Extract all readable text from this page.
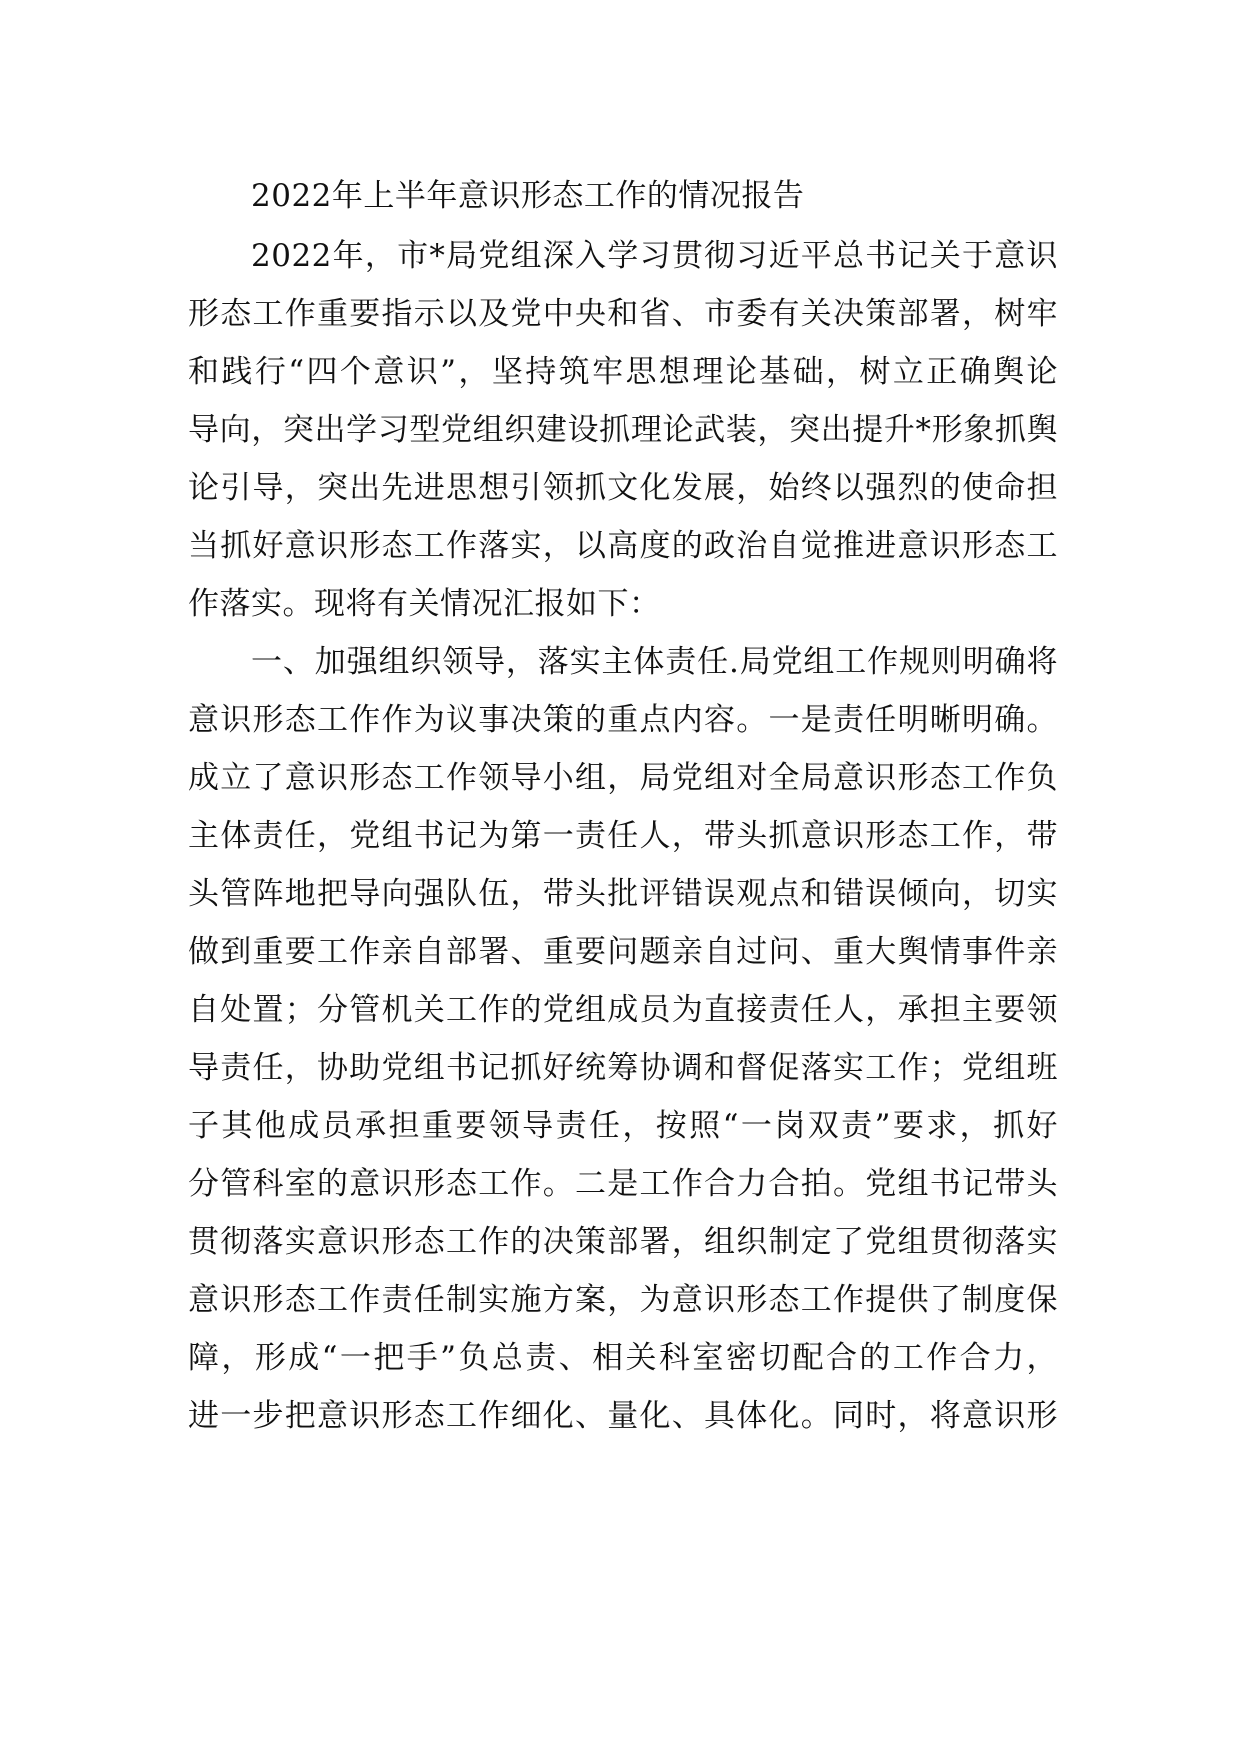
2022年上半年意识形态工作的情况报告
2022年，市*局党组深入学习贯彻习近平总书记关于意识
形态工作重要指示以及党中央和省、市委有关决策部署，树牢
和践行“四个意识”，坚持筑牢思想理论基础，树立正确舆论
导向，突出学习型党组织建设抓理论武装，突出提升*形象抓舆
论引导，突出先进思想引领抓文化发展，始终以强烈的使命担
当抓好意识形态工作落实，以高度的政治自觉推进意识形态工
作落实。现将有关情况汇报如下：
一、加强组织领导，落实主体责任.局党组工作规则明确将
意识形态工作作为议事决策的重点内容。一是责任明晰明确。
成立了意识形态工作领导小组，局党组对全局意识形态工作负
主体责任，党组书记为第一责任人，带头抓意识形态工作，带
头管阵地把导向强队伍，带头批评错误观点和错误倾向，切实
做到重要工作亲自部署、重要问题亲自过问、重大舆情事件亲
自处置；分管机关工作的党组成员为直接责任人，承担主要领
导责任，协助党组书记抓好统筹协调和督促落实工作；党组班
子其他成员承担重要领导责任，按照“一岗双责”要求，抓好
分管科室的意识形态工作。二是工作合力合拍。党组书记带头
贯彻落实意识形态工作的决策部署，组织制定了党组贯彻落实
意识形态工作责任制实施方案，为意识形态工作提供了制度保
障，形成“一把手”负总责、相关科室密切配合的工作合力，
进一步把意识形态工作细化、量化、具体化。同时，将意识形
